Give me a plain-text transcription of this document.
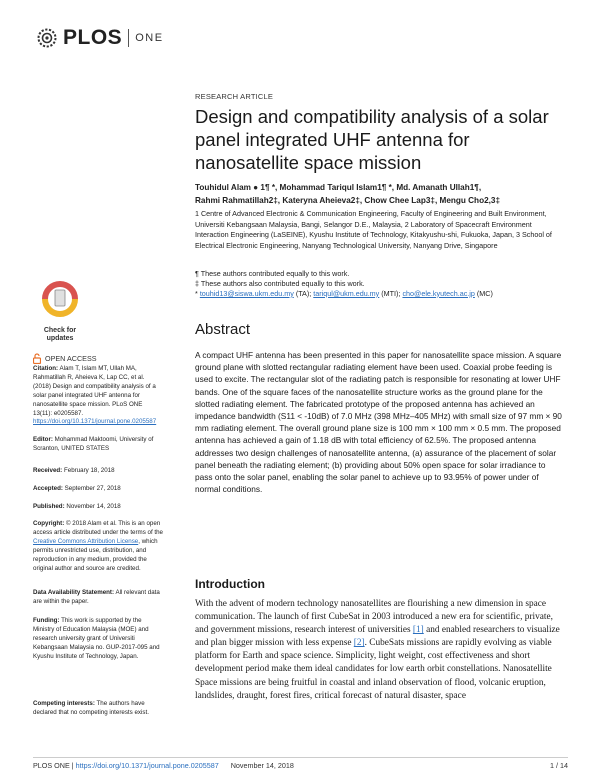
PLOS ONE
RESEARCH ARTICLE
Design and compatibility analysis of a solar panel integrated UHF antenna for nanosatellite space mission
Touhidul Alam ● 1¶ *, Mohammad Tariqul Islam1¶ *, Md. Amanath Ullah1¶,
Rahmi Rahmatillah2‡, Kateryna Aheieva2‡, Chow Chee Lap3‡, Mengu Cho2,3‡
1 Centre of Advanced Electronic & Communication Engineering, Faculty of Engineering and Built Environment, Universiti Kebangsaan Malaysia, Bangi, Selangor D.E., Malaysia, 2 Laboratory of Spacecraft Environment Interaction Engineering (LaSEINE), Kyushu Institute of Technology, Kitakyushu-shi, Fukuoka, Japan, 3 School of Electrical Electronic Engineering, Nanyang Technological University, Nanyang Drive, Singapore
¶ These authors contributed equally to this work.
‡ These authors also contributed equally to this work.
* touhid13@siswa.ukm.edu.my (TA); tariqul@ukm.edu.my (MTI); cho@ele.kyutech.ac.jp (MC)
Abstract
A compact UHF antenna has been presented in this paper for nanosatellite space mission. A square ground plane with slotted rectangular radiating element have been used. Coaxial probe feeding is used to excite. The rectangular slot of the radiating patch is responsible for resonating at lower UHF bands. One of the square faces of the nanosatellite structure works as the ground plane for the slotted radiating element. The fabricated prototype of the proposed antenna has achieved an impedance bandwidth (S11 < -10dB) of 7.0 MHz (398 MHz–405 MHz) with small size of 97 mm × 90 mm radiating element. The overall ground plane size is 100 mm × 100 mm × 0.5 mm. The proposed antenna has achieved a gain of 1.18 dB with total efficiency of 62.5%. The proposed antenna addresses two design challenges of nanosatellite antenna, (a) assurance of the placement of solar panel beneath the radiating element; (b) providing about 50% open space for solar irradiance to pass onto the solar panel, enabling the solar panel to achieve up to 93.95% of power under of normal conditions.
Introduction
With the advent of modern technology nanosatellites are flourishing a new dimension in space communication. The launch of first CubeSat in 2003 introduced a new era for scientific, private, and government missions, research interest of universities [1] and enabled researchers to visualize and plan bigger mission with less expense [2]. CubeSats missions are rapidly evolving as viable platform for Earth and space science. Simplicity, light weight, cost effectiveness and short development period make them ideal candidates for low earth orbit constellations. Nanosatellite Space missions are being fruitful in coastal and inland observation of flood, volcanic eruption, landslides, draught, forest fires, critical forecast of natural disaster, space
Check for
updates
OPEN ACCESS
Citation: Alam T, Islam MT, Ullah MA, Rahmatillah R, Aheieva K, Lap CC, et al. (2018) Design and compatibility analysis of a solar panel integrated UHF antenna for nanosatellite space mission. PLoS ONE 13(11): e0205587. https://doi.org/10.1371/journal.pone.0205587
Editor: Mohammad Maktoomi, University of Scranton, UNITED STATES
Received: February 18, 2018
Accepted: September 27, 2018
Published: November 14, 2018
Copyright: © 2018 Alam et al. This is an open access article distributed under the terms of the Creative Commons Attribution License, which permits unrestricted use, distribution, and reproduction in any medium, provided the original author and source are credited.
Data Availability Statement: All relevant data are within the paper.
Funding: This work is supported by the Ministry of Education Malaysia (MOE) and research university grant of Universiti Kebangsaan Malaysia no. GUP-2017-095 and Kyushu Institute of Technology, Japan.
Competing interests: The authors have declared that no competing interests exist.
PLOS ONE | https://doi.org/10.1371/journal.pone.0205587 November 14, 2018	1 / 14
